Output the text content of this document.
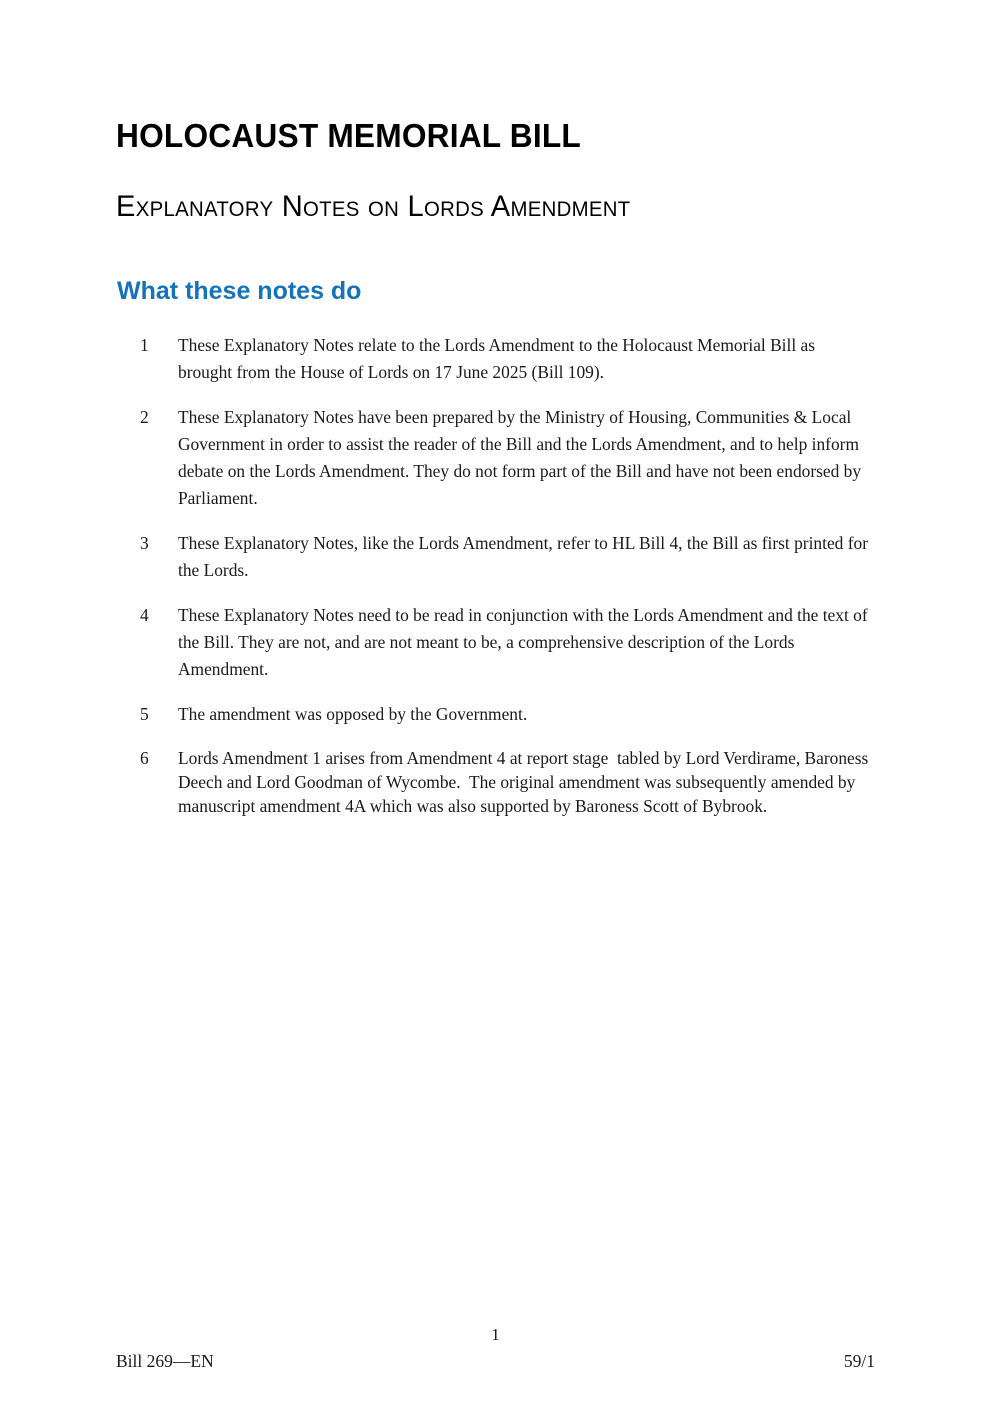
HOLOCAUST MEMORIAL BILL
Explanatory Notes on Lords Amendment
What these notes do
1	These Explanatory Notes relate to the Lords Amendment to the Holocaust Memorial Bill as brought from the House of Lords on 17 June 2025 (Bill 109).
2	These Explanatory Notes have been prepared by the Ministry of Housing, Communities & Local Government in order to assist the reader of the Bill and the Lords Amendment, and to help inform debate on the Lords Amendment. They do not form part of the Bill and have not been endorsed by Parliament.
3	These Explanatory Notes, like the Lords Amendment, refer to HL Bill 4, the Bill as first printed for the Lords.
4	These Explanatory Notes need to be read in conjunction with the Lords Amendment and the text of the Bill. They are not, and are not meant to be, a comprehensive description of the Lords Amendment.
5	The amendment was opposed by the Government.
6	Lords Amendment 1 arises from Amendment 4 at report stage  tabled by Lord Verdirame, Baroness Deech and Lord Goodman of Wycombe.  The original amendment was subsequently amended by manuscript amendment 4A which was also supported by Baroness Scott of Bybrook.
1
Bill 269—EN	59/1
